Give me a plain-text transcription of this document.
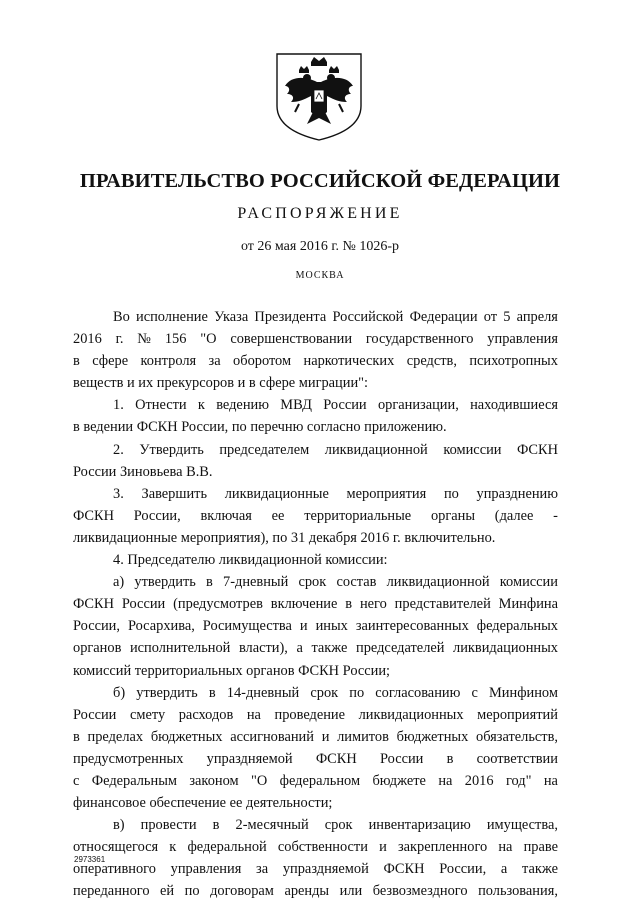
ПРАВИТЕЛЬСТВО РОССИЙСКОЙ ФЕДЕРАЦИИ
РАСПОРЯЖЕНИЕ
от 26 мая 2016 г. № 1026-р
МОСКВА
Во исполнение Указа Президента Российской Федерации от 5 апреля
2016 г. № 156 "О совершенствовании государственного управления
в сфере контроля за оборотом наркотических средств, психотропных
веществ и их прекурсоров и в сфере миграции":
1. Отнести к ведению МВД России организации, находившиеся
в ведении ФСКН России, по перечню согласно приложению.
2. Утвердить председателем ликвидационной комиссии ФСКН
России Зиновьева В.В.
3. Завершить ликвидационные мероприятия по упразднению
ФСКН России, включая ее территориальные органы (далее -
ликвидационные мероприятия), по 31 декабря 2016 г. включительно.
4. Председателю ликвидационной комиссии:
а) утвердить в 7-дневный срок состав ликвидационной комиссии
ФСКН России (предусмотрев включение в него представителей Минфина
России, Росархива, Росимущества и иных заинтересованных федеральных
органов исполнительной власти), а также председателей ликвидационных
комиссий территориальных органов ФСКН России;
б) утвердить в 14-дневный срок по согласованию с Минфином
России смету расходов на проведение ликвидационных мероприятий
в пределах бюджетных ассигнований и лимитов бюджетных обязательств,
предусмотренных упраздняемой ФСКН России в соответствии
с Федеральным законом "О федеральном бюджете на 2016 год" на
финансовое обеспечение ее деятельности;
в) провести в 2-месячный срок инвентаризацию имущества,
относящегося к федеральной собственности и закрепленного на праве
оперативного управления за упраздняемой ФСКН России, а также
переданного ей по договорам аренды или безвозмездного пользования,
2973361
